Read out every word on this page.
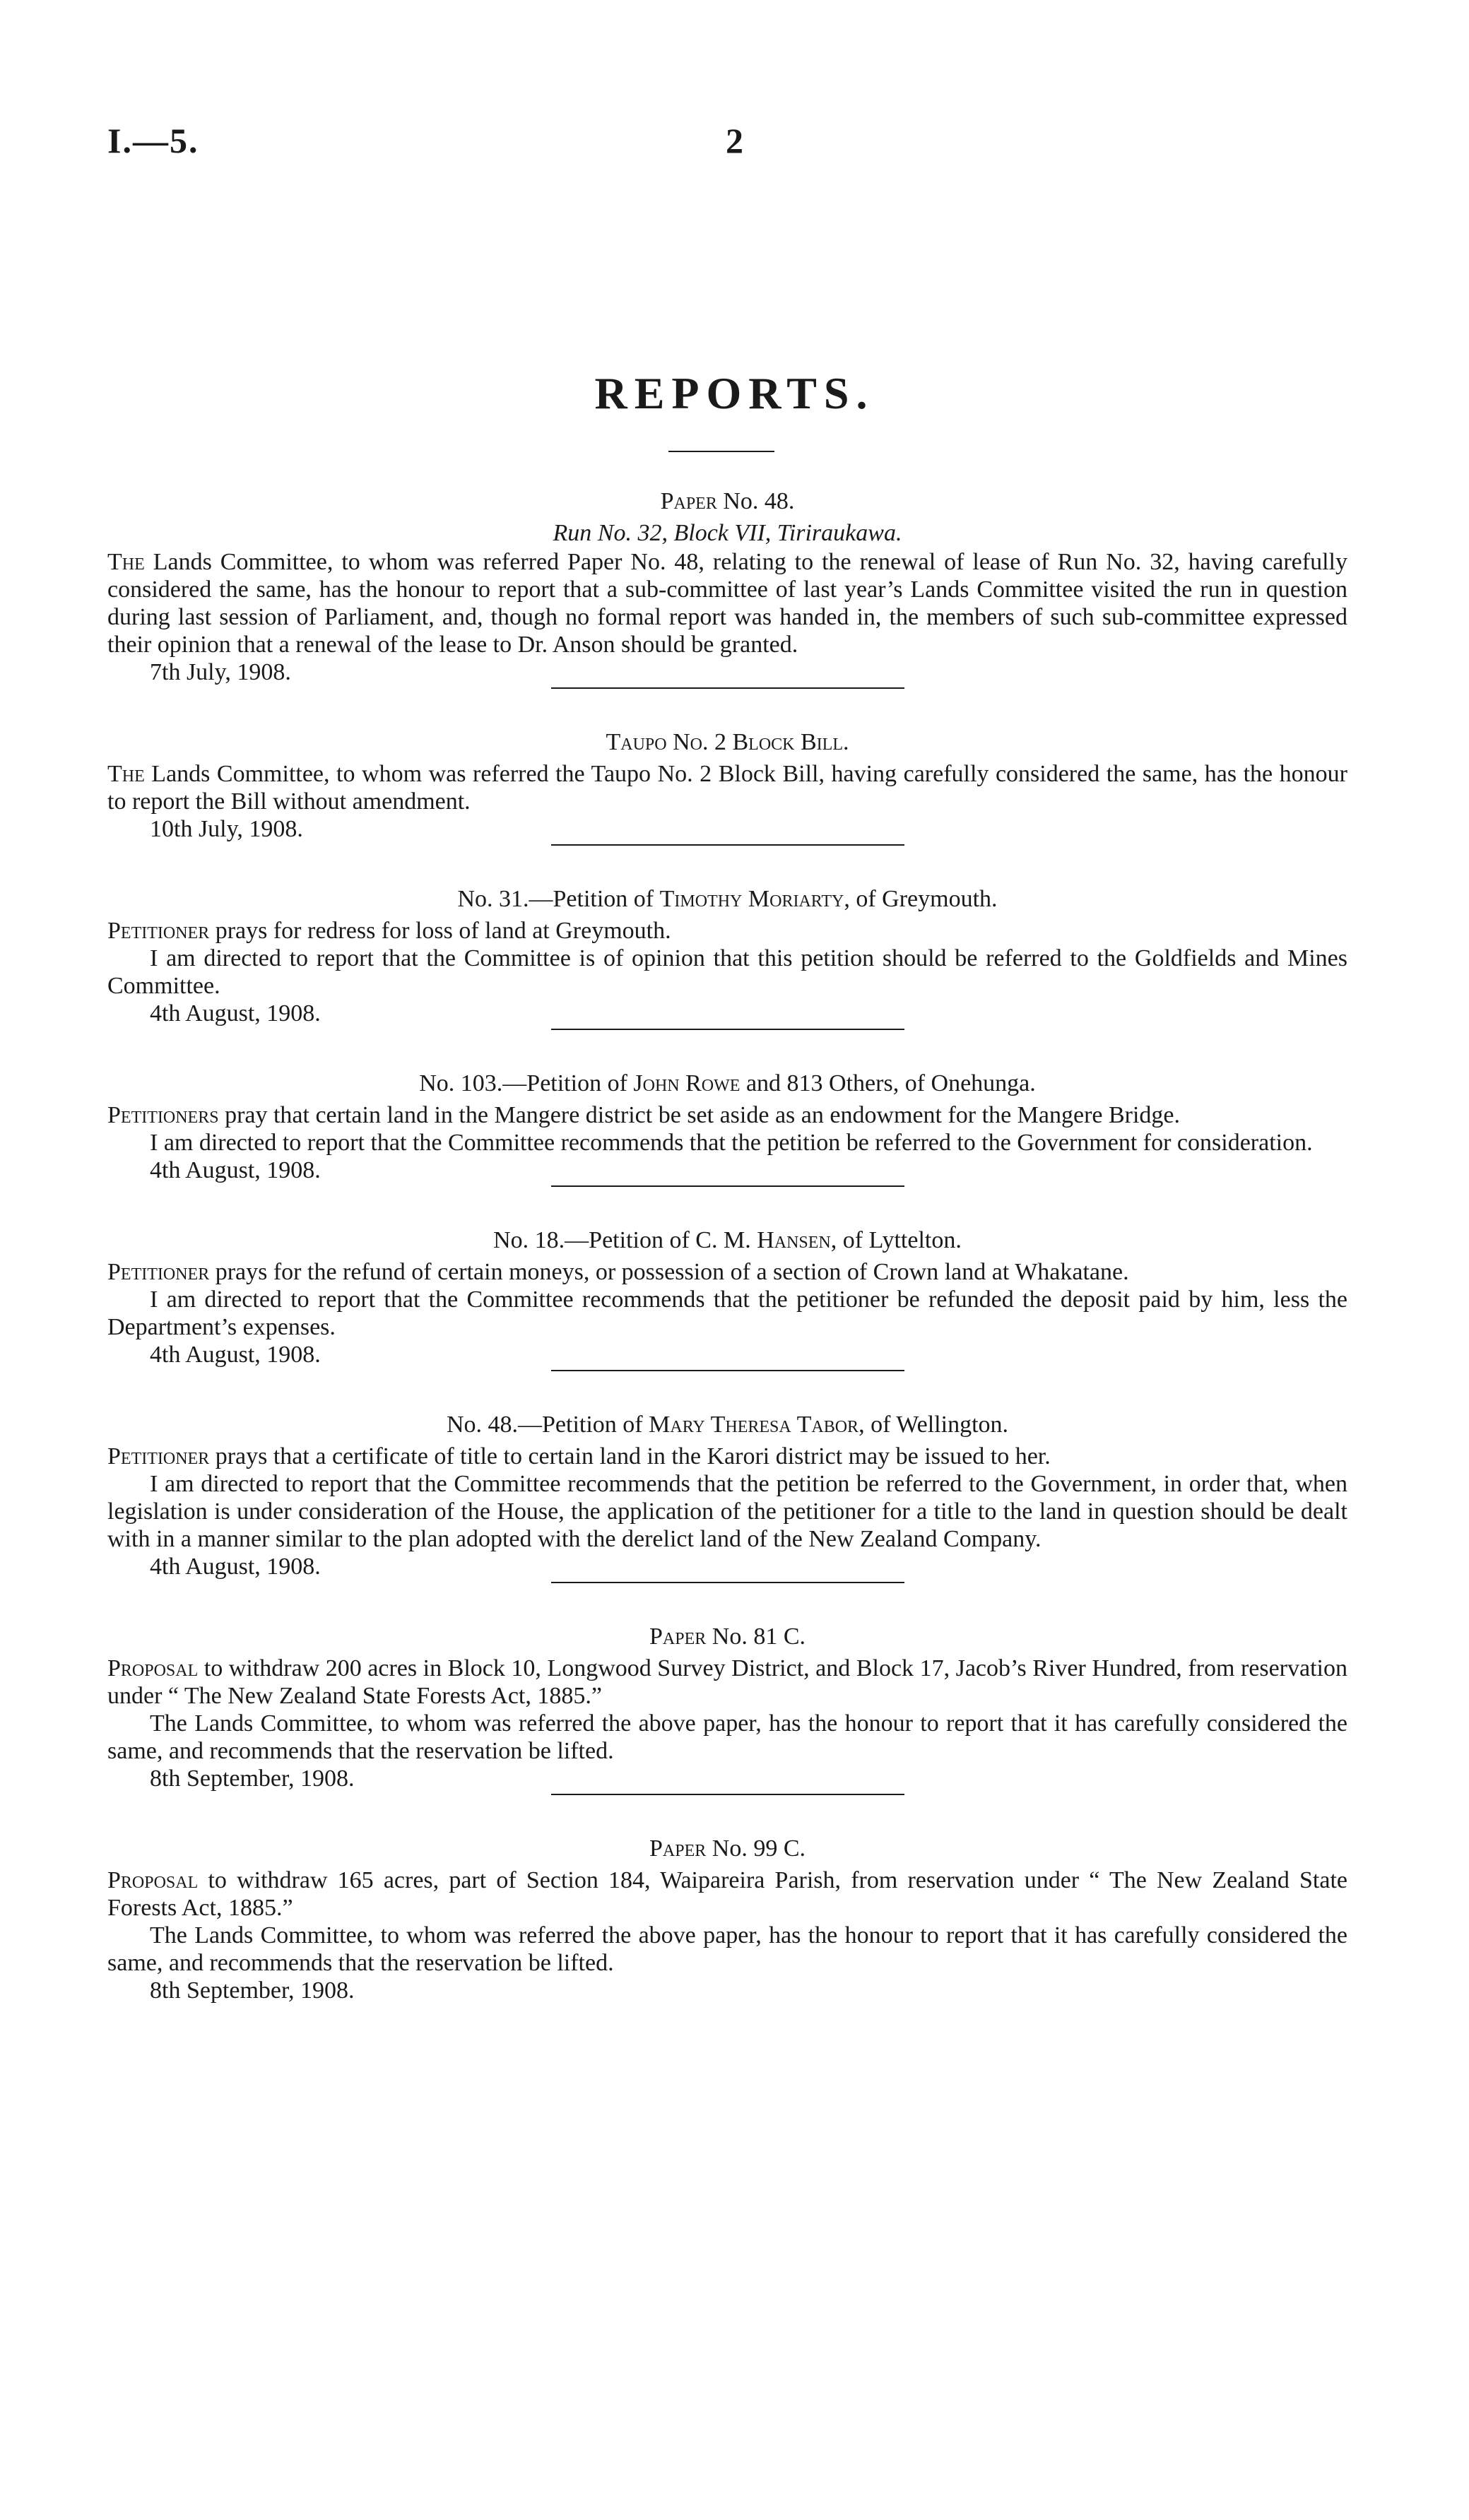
I.—5.	2
REPORTS.

Paper No. 48.

Run No. 32, Block VII, Tiriraukawa.

The Lands Committee, to whom was referred Paper No. 48, relating to the renewal of lease of Run No. 32, having carefully considered the same, has the honour to report that a sub-committee of last year’s Lands Committee visited the run in question during last session of Parliament, and, though no formal report was handed in, the members of such sub-committee expressed their opinion that a renewal of the lease to Dr. Anson should be granted.

7th July, 1908.

Taupo No. 2 Block Bill.

The Lands Committee, to whom was referred the Taupo No. 2 Block Bill, having carefully considered the same, has the honour to report the Bill without amendment.

10th July, 1908.

No. 31.—Petition of Timothy Moriarty, of Greymouth.

Petitioner prays for redress for loss of land at Greymouth.

I am directed to report that the Committee is of opinion that this petition should be referred to the Goldfields and Mines Committee.

4th August, 1908.

No. 103.—Petition of John Rowe and 813 Others, of Onehunga.

Petitioners pray that certain land in the Mangere district be set aside as an endowment for the Mangere Bridge.

I am directed to report that the Committee recommends that the petition be referred to the Government for consideration.

4th August, 1908.

No. 18.—Petition of C. M. Hansen, of Lyttelton.

Petitioner prays for the refund of certain moneys, or possession of a section of Crown land at Whakatane.

I am directed to report that the Committee recommends that the petitioner be refunded the deposit paid by him, less the Department’s expenses.

4th August, 1908.

No. 48.—Petition of Mary Theresa Tabor, of Wellington.

Petitioner prays that a certificate of title to certain land in the Karori district may be issued to her.

I am directed to report that the Committee recommends that the petition be referred to the Government, in order that, when legislation is under consideration of the House, the application of the petitioner for a title to the land in question should be dealt with in a manner similar to the plan adopted with the derelict land of the New Zealand Company.

4th August, 1908.

Paper No. 81 C.

Proposal to withdraw 200 acres in Block 10, Longwood Survey District, and Block 17, Jacob’s River Hundred, from reservation under “ The New Zealand State Forests Act, 1885.”

The Lands Committee, to whom was referred the above paper, has the honour to report that it has carefully considered the same, and recommends that the reservation be lifted.

8th September, 1908.

Paper No. 99 C.

Proposal to withdraw 165 acres, part of Section 184, Waipareira Parish, from reservation under “ The New Zealand State Forests Act, 1885.”

The Lands Committee, to whom was referred the above paper, has the honour to report that it has carefully considered the same, and recommends that the reservation be lifted.

8th September, 1908.
